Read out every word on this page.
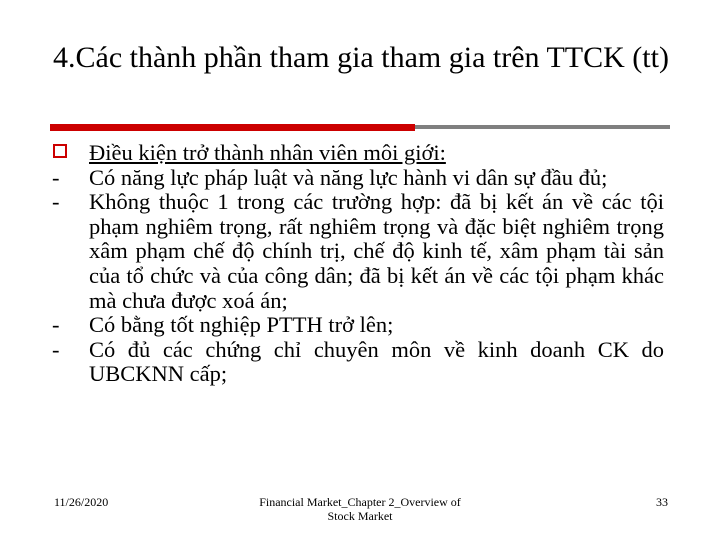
4.Các thành phần tham gia tham gia trên TTCK (tt)
Điều kiện trở thành nhân viên môi giới:
- Có năng lực pháp luật và năng lực hành vi dân sự đầu đủ;
- Không thuộc 1 trong các trường hợp: đã bị kết án về các tội phạm nghiêm trọng, rất nghiêm trọng và đặc biệt nghiêm trọng xâm phạm chế độ chính trị, chế độ kinh tế, xâm phạm tài sản của tổ chức và của công dân; đã bị kết án về các tội phạm khác mà chưa được xoá án;
- Có bằng tốt nghiệp PTTH trở lên;
- Có đủ các chứng chỉ chuyên môn về kinh doanh CK do UBCKNN cấp;
11/26/2020	Financial Market_Chapter 2_Overview of
Stock Market
33
